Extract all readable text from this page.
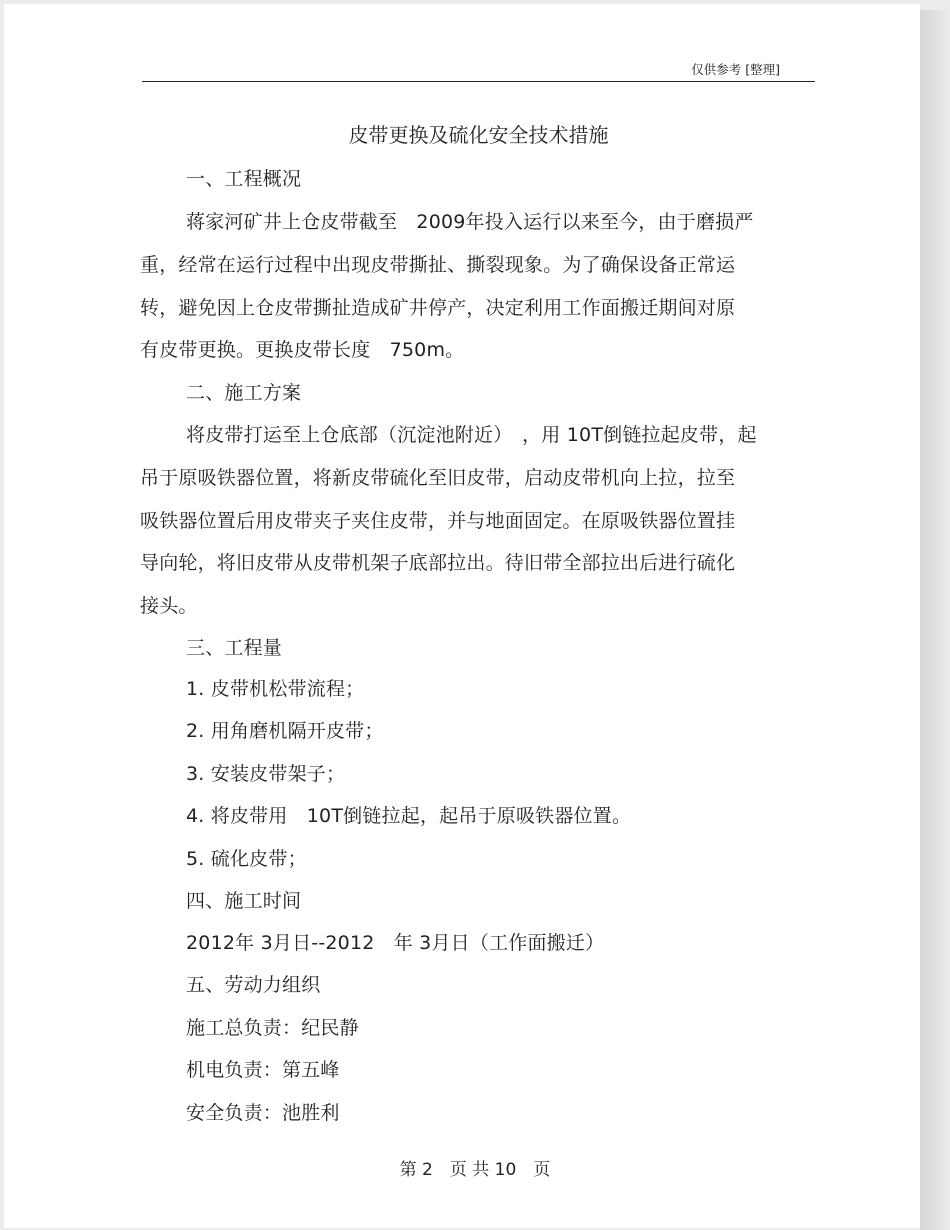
仅供参考 [整理]
皮带更换及硫化安全技术措施
一、工程概况
蒋家河矿井上仓皮带截至　2009年投入运行以来至今，由于磨损严
重，经常在运行过程中出现皮带撕扯、撕裂现象。为了确保设备正常运
转，避免因上仓皮带撕扯造成矿井停产，决定利用工作面搬迁期间对原
有皮带更换。更换皮带长度　750m。
二、施工方案
将皮带打运至上仓底部（沉淀池附近）　，用 10T倒链拉起皮带，起
吊于原吸铁器位置，将新皮带硫化至旧皮带，启动皮带机向上拉，拉至
吸铁器位置后用皮带夹子夹住皮带，并与地面固定。在原吸铁器位置挂
导向轮，将旧皮带从皮带机架子底部拉出。待旧带全部拉出后进行硫化
接头。
三、工程量
1. 皮带机松带流程；
2. 用角磨机隔开皮带；
3. 安装皮带架子；
4. 将皮带用　10T倒链拉起，起吊于原吸铁器位置。
5. 硫化皮带；
四、施工时间
2012年 3月日--2012　年 3月日（工作面搬迁）
五、劳动力组织
施工总负责：纪民静
机电负责：第五峰
安全负责：池胜利
第 2　页 共 10　页
